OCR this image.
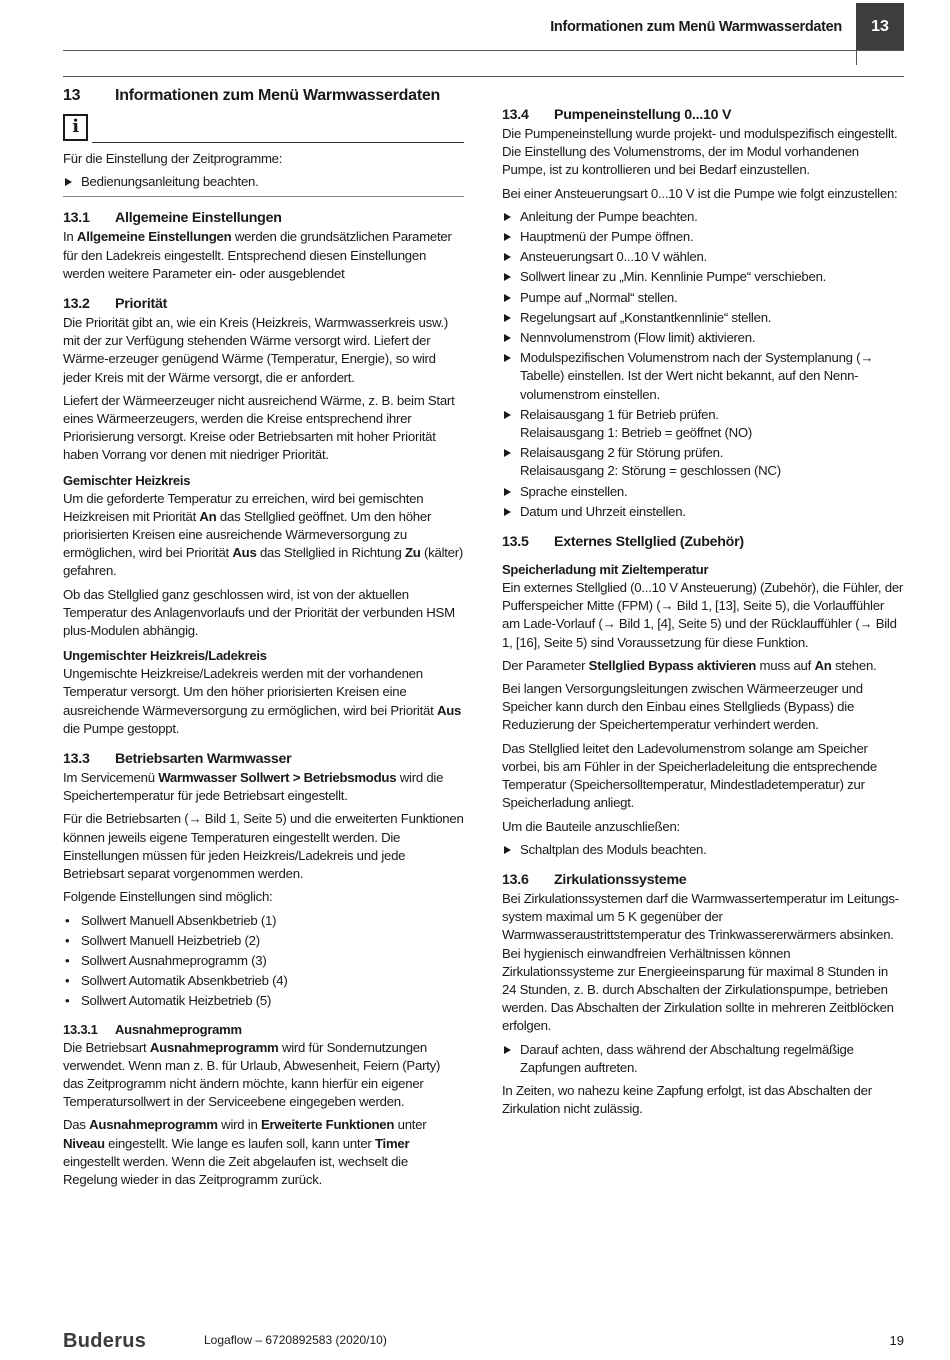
Informationen zum Menü Warmwasserdaten	13
13 Informationen zum Menü Warmwasserdaten
i

Für die Einstellung der Zeitprogramme:

Bedienungsanleitung beachten.
13.1 Allgemeine Einstellungen

In Allgemeine Einstellungen werden die grundsätzlichen Parameter für den Ladekreis eingestellt. Entsprechend diesen Einstellungen werden weitere Parameter ein- oder ausgeblendet

13.2 Priorität

Die Priorität gibt an, wie ein Kreis (Heizkreis, Warmwasserkreis usw.) mit der zur Verfügung stehenden Wärme versorgt wird. Liefert der Wärme-erzeuger genügend Wärme (Temperatur, Energie), so wird jeder Kreis mit der Wärme versorgt, die er anfordert.

Liefert der Wärmeerzeuger nicht ausreichend Wärme, z. B. beim Start eines Wärmeerzeugers, werden die Kreise entsprechend ihrer Priorisierung versorgt. Kreise oder Betriebsarten mit hoher Priorität haben Vorrang vor denen mit niedriger Priorität.

Gemischter Heizkreis

Um die geforderte Temperatur zu erreichen, wird bei gemischten Heizkreisen mit Priorität An das Stellglied geöffnet. Um den höher priorisierten Kreisen eine ausreichende Wärmeversorgung zu ermöglichen, wird bei Priorität Aus das Stellglied in Richtung Zu (kälter) gefahren.

Ob das Stellglied ganz geschlossen wird, ist von der aktuellen Temperatur des Anlagenvorlaufs und der Priorität der verbunden HSM plus-Modulen abhängig.

Ungemischter Heizkreis/Ladekreis

Ungemischte Heizkreise/Ladekreis werden mit der vorhandenen Temperatur versorgt. Um den höher priorisierten Kreisen eine ausreichende Wärmeversorgung zu ermöglichen, wird bei Priorität Aus die Pumpe gestoppt.

13.3 Betriebsarten Warmwasser

Im Servicemenü Warmwasser Sollwert > Betriebsmodus wird die Speichertemperatur für jede Betriebsart eingestellt.

Für die Betriebsarten (→ Bild 1, Seite 5) und die erweiterten Funktionen können jeweils eigene Temperaturen eingestellt werden. Die Einstellungen müssen für jeden Heizkreis/Ladekreis und jede Betriebsart separat vorgenommen werden.

Folgende Einstellungen sind möglich:

• Sollwert Manuell Absenkbetrieb (1)
• Sollwert Manuell Heizbetrieb (2)
• Sollwert Ausnahmeprogramm (3)
• Sollwert Automatik Absenkbetrieb (4)
• Sollwert Automatik Heizbetrieb (5)
13.3.1 Ausnahmeprogramm

Die Betriebsart Ausnahmeprogramm wird für Sondernutzungen verwendet. Wenn man z. B. für Urlaub, Abwesenheit, Feiern (Party) das Zeitprogramm nicht ändern möchte, kann hierfür ein eigener Temperatursollwert in der Serviceebene eingegeben werden.

Das Ausnahmeprogramm wird in Erweiterte Funktionen unter Niveau eingestellt. Wie lange es laufen soll, kann unter Timer eingestellt werden. Wenn die Zeit abgelaufen ist, wechselt die Regelung wieder in das Zeitprogramm zurück.

13.4 Pumpeneinstellung 0...10 V

Die Pumpeneinstellung wurde projekt- und modulspezifisch eingestellt. Die Einstellung des Volumenstroms, der im Modul vorhandenen Pumpe, ist zu kontrollieren und bei Bedarf einzustellen.

Bei einer Ansteuerungsart 0...10 V ist die Pumpe wie folgt einzustellen:

Anleitung der Pumpe beachten.
Hauptmenü der Pumpe öffnen.
Ansteuerungsart 0...10 V wählen.
Sollwert linear zu „Min. Kennlinie Pumpe“ verschieben.
Pumpe auf „Normal“ stellen.
Regelungsart auf „Konstantkennlinie“ stellen.
Nennvolumenstrom (Flow limit) aktivieren.
Modulspezifischen Volumenstrom nach der Systemplanung (→ Tabelle) einstellen. Ist der Wert nicht bekannt, auf den Nenn-volumenstrom einstellen.
Relaisausgang 1 für Betrieb prüfen.
Relaisausgang 1: Betrieb = geöffnet (NO)
Relaisausgang 2 für Störung prüfen.
Relaisausgang 2: Störung = geschlossen (NC)
Sprache einstellen.
Datum und Uhrzeit einstellen.
13.5 Externes Stellglied (Zubehör)
Speicherladung mit Zieltemperatur

Ein externes Stellglied (0...10 V Ansteuerung) (Zubehör), die Fühler, der Pufferspeicher Mitte (FPM) (→ Bild 1, [13], Seite 5), die Vorlauffühler am Lade-Vorlauf (→ Bild 1, [4], Seite 5) und der Rücklauffühler (→ Bild 1, [16], Seite 5) sind Voraussetzung für diese Funktion.

Der Parameter Stellglied Bypass aktivieren muss auf An stehen.

Bei langen Versorgungsleitungen zwischen Wärmeerzeuger und Speicher kann durch den Einbau eines Stellglieds (Bypass) die Reduzierung der Speichertemperatur verhindert werden.

Das Stellglied leitet den Ladevolumenstrom solange am Speicher vorbei, bis am Fühler in der Speicherladeleitung die entsprechende Temperatur (Speichersolltemperatur, Mindestladetemperatur) zur Speicherladung anliegt.

Um die Bauteile anzuschließen:

Schaltplan des Moduls beachten.
13.6 Zirkulationssysteme

Bei Zirkulationssystemen darf die Warmwassertemperatur im Leitungs-system maximal um 5 K gegenüber der Warmwasseraustrittstemperatur des Trinkwassererwärmers absinken. Bei hygienisch einwandfreien Verhältnissen können Zirkulationssysteme zur Energieeinsparung für maximal 8 Stunden in 24 Stunden, z. B. durch Abschalten der Zirkulationspumpe, betrieben werden. Das Abschalten der Zirkulation sollte in mehreren Zeitblöcken erfolgen.

Darauf achten, dass während der Abschaltung regelmäßige Zapfungen auftreten.

In Zeiten, wo nahezu keine Zapfung erfolgt, ist das Abschalten der Zirkulation nicht zulässig.

Buderus	Logaflow – 6720892583 (2020/10)	19
